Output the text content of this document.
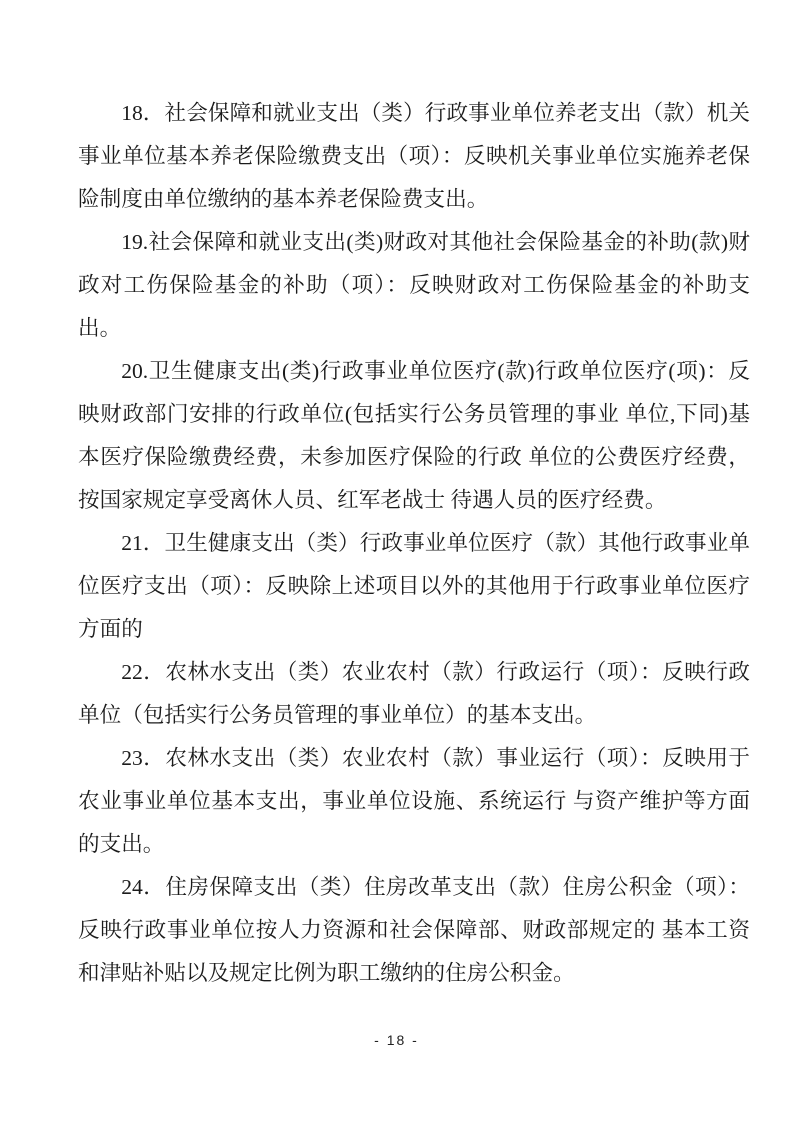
18．社会保障和就业支出（类）行政事业单位养老支出（款）机关事业单位基本养老保险缴费支出（项）：反映机关事业单位实施养老保险制度由单位缴纳的基本养老保险费支出。

19.社会保障和就业支出(类)财政对其他社会保险基金的补助(款)财政对工伤保险基金的补助（项）：反映财政对工伤保险基金的补助支出。

20.卫生健康支出(类)行政事业单位医疗(款)行政单位医疗(项)：反映财政部门安排的行政单位(包括实行公务员管理的事业 单位,下同)基本医疗保险缴费经费，未参加医疗保险的行政 单位的公费医疗经费，按国家规定享受离休人员、红军老战士 待遇人员的医疗经费。

21．卫生健康支出（类）行政事业单位医疗（款）其他行政事业单位医疗支出（项）：反映除上述项目以外的其他用于行政事业单位医疗方面的

22．农林水支出（类）农业农村（款）行政运行（项）：反映行政单位（包括实行公务员管理的事业单位）的基本支出。

23．农林水支出（类）农业农村（款）事业运行（项）：反映用于农业事业单位基本支出，事业单位设施、系统运行 与资产维护等方面的支出。

24．住房保障支出（类）住房改革支出（款）住房公积金（项）：反映行政事业单位按人力资源和社会保障部、财政部规定的 基本工资和津贴补贴以及规定比例为职工缴纳的住房公积金。

- 18 -
